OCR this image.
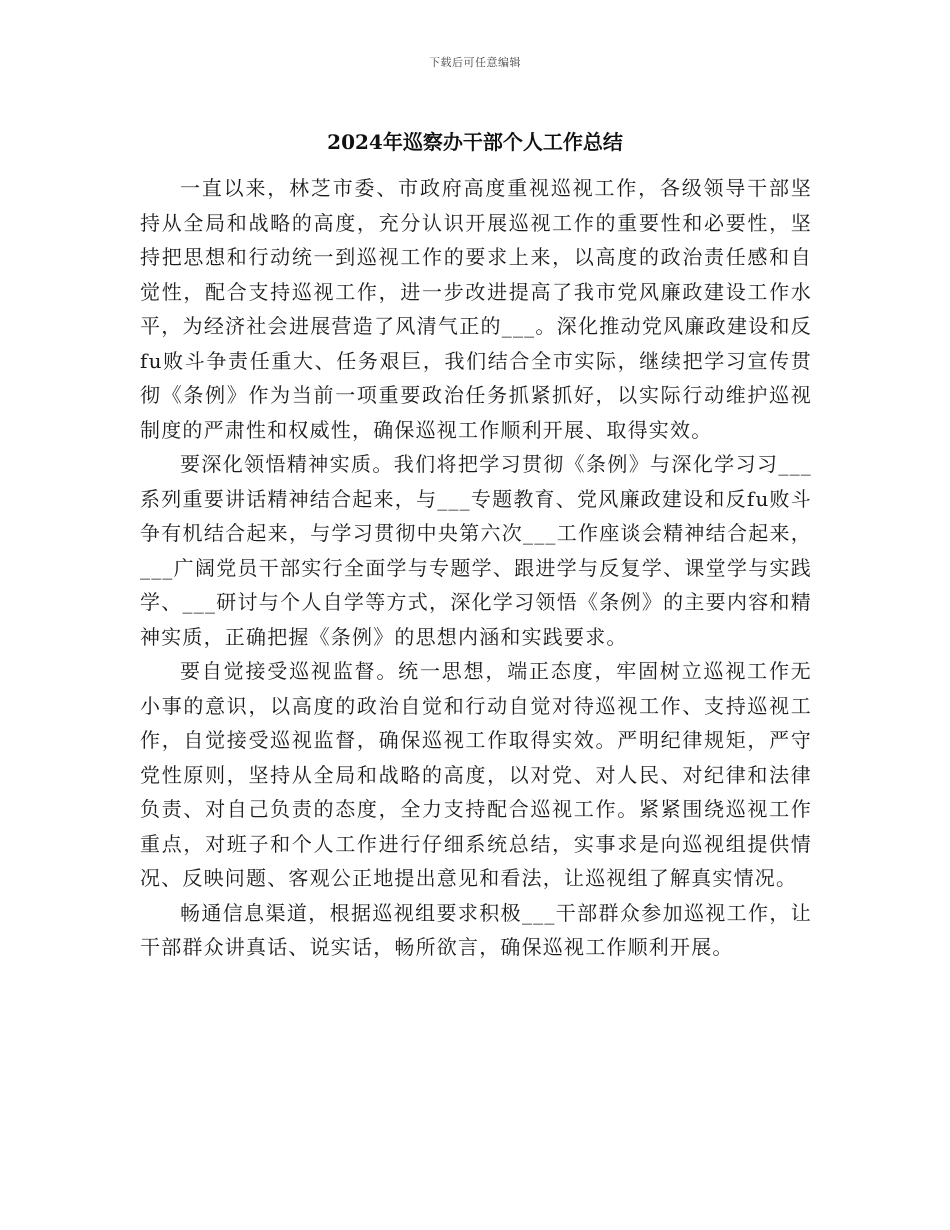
下载后可任意编辑
2024年巡察办干部个人工作总结

一直以来，林芝市委、市政府高度重视巡视工作，各级领导干部坚持从全局和战略的高度，充分认识开展巡视工作的重要性和必要性，坚持把思想和行动统一到巡视工作的要求上来，以高度的政治责任感和自觉性，配合支持巡视工作，进一步改进提高了我市党风廉政建设工作水平，为经济社会进展营造了风清气正的___。深化推动党风廉政建设和反fu败斗争责任重大、任务艰巨，我们结合全市实际，继续把学习宣传贯彻《条例》作为当前一项重要政治任务抓紧抓好，以实际行动维护巡视制度的严肃性和权威性，确保巡视工作顺利开展、取得实效。

要深化领悟精神实质。我们将把学习贯彻《条例》与深化学习习___系列重要讲话精神结合起来，与___专题教育、党风廉政建设和反fu败斗争有机结合起来，与学习贯彻中央第六次___工作座谈会精神结合起来，___广阔党员干部实行全面学与专题学、跟进学与反复学、课堂学与实践学、___研讨与个人自学等方式，深化学习领悟《条例》的主要内容和精神实质，正确把握《条例》的思想内涵和实践要求。

要自觉接受巡视监督。统一思想，端正态度，牢固树立巡视工作无小事的意识，以高度的政治自觉和行动自觉对待巡视工作、支持巡视工作，自觉接受巡视监督，确保巡视工作取得实效。严明纪律规矩，严守党性原则，坚持从全局和战略的高度，以对党、对人民、对纪律和法律负责、对自己负责的态度，全力支持配合巡视工作。紧紧围绕巡视工作重点，对班子和个人工作进行仔细系统总结，实事求是向巡视组提供情况、反映问题、客观公正地提出意见和看法，让巡视组了解真实情况。

畅通信息渠道，根据巡视组要求积极___干部群众参加巡视工作，让干部群众讲真话、说实话，畅所欲言，确保巡视工作顺利开展。
